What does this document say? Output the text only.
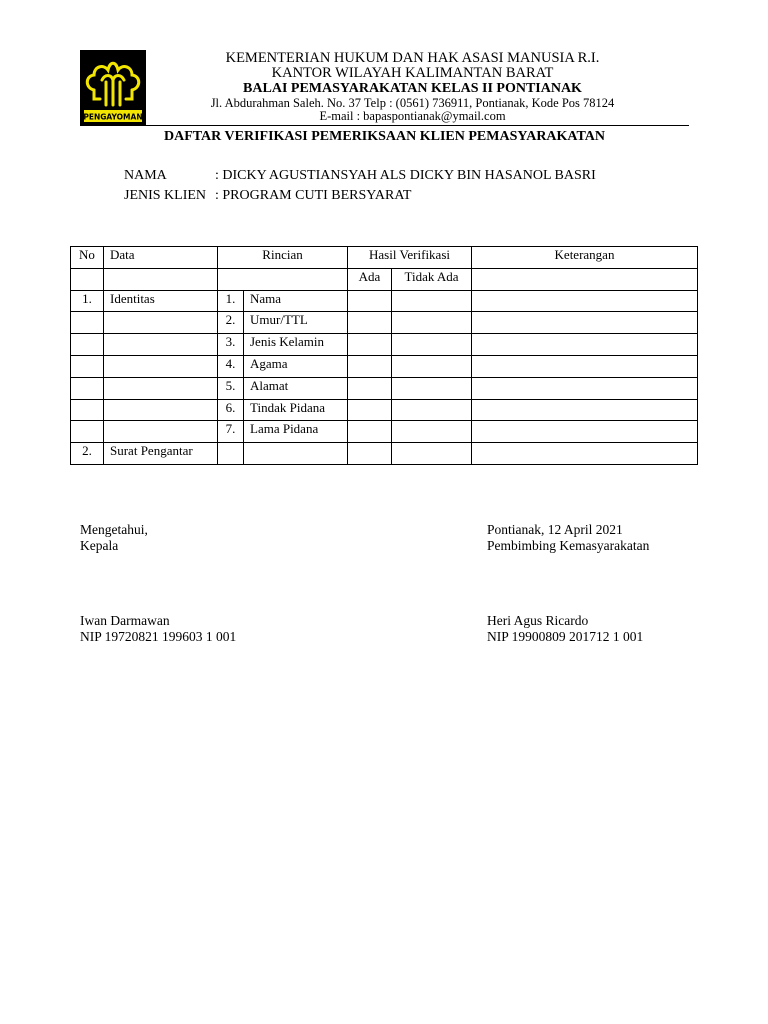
PENGAYOMAN
KEMENTERIAN HUKUM DAN HAK ASASI MANUSIA R.I.
KANTOR WILAYAH KALIMANTAN BARAT
BALAI PEMASYARAKATAN KELAS II PONTIANAK
Jl. Abdurahman Saleh. No. 37 Telp : (0561) 736911, Pontianak, Kode Pos 78124
E-mail : bapaspontianak@ymail.com
DAFTAR VERIFIKASI PEMERIKSAAN KLIEN PEMASYARAKATAN
NAMA	: DICKY AGUSTIANSYAH ALS DICKY BIN HASANOL BASRI
JENIS KLIEN : PROGRAM CUTI BERSYARAT
No	Data	Rincian		Hasil Verifikasi		Keterangan
				Ada	Tidak Ada	
1.	Identitas	1.	Nama			
		2.	Umur/TTL			
		3.	Jenis Kelamin			
		4.	Agama			
		5.	Alamat			
		6.	Tindak Pidana			
		7.	Lama Pidana			
2.	Surat Pengantar					
Mengetahui,
Kepala
Pontianak, 12 April 2021
Pembimbing Kemasyarakatan
Iwan Darmawan
NIP 19720821 199603 1 001
Heri Agus Ricardo
NIP 19900809 201712 1 001
